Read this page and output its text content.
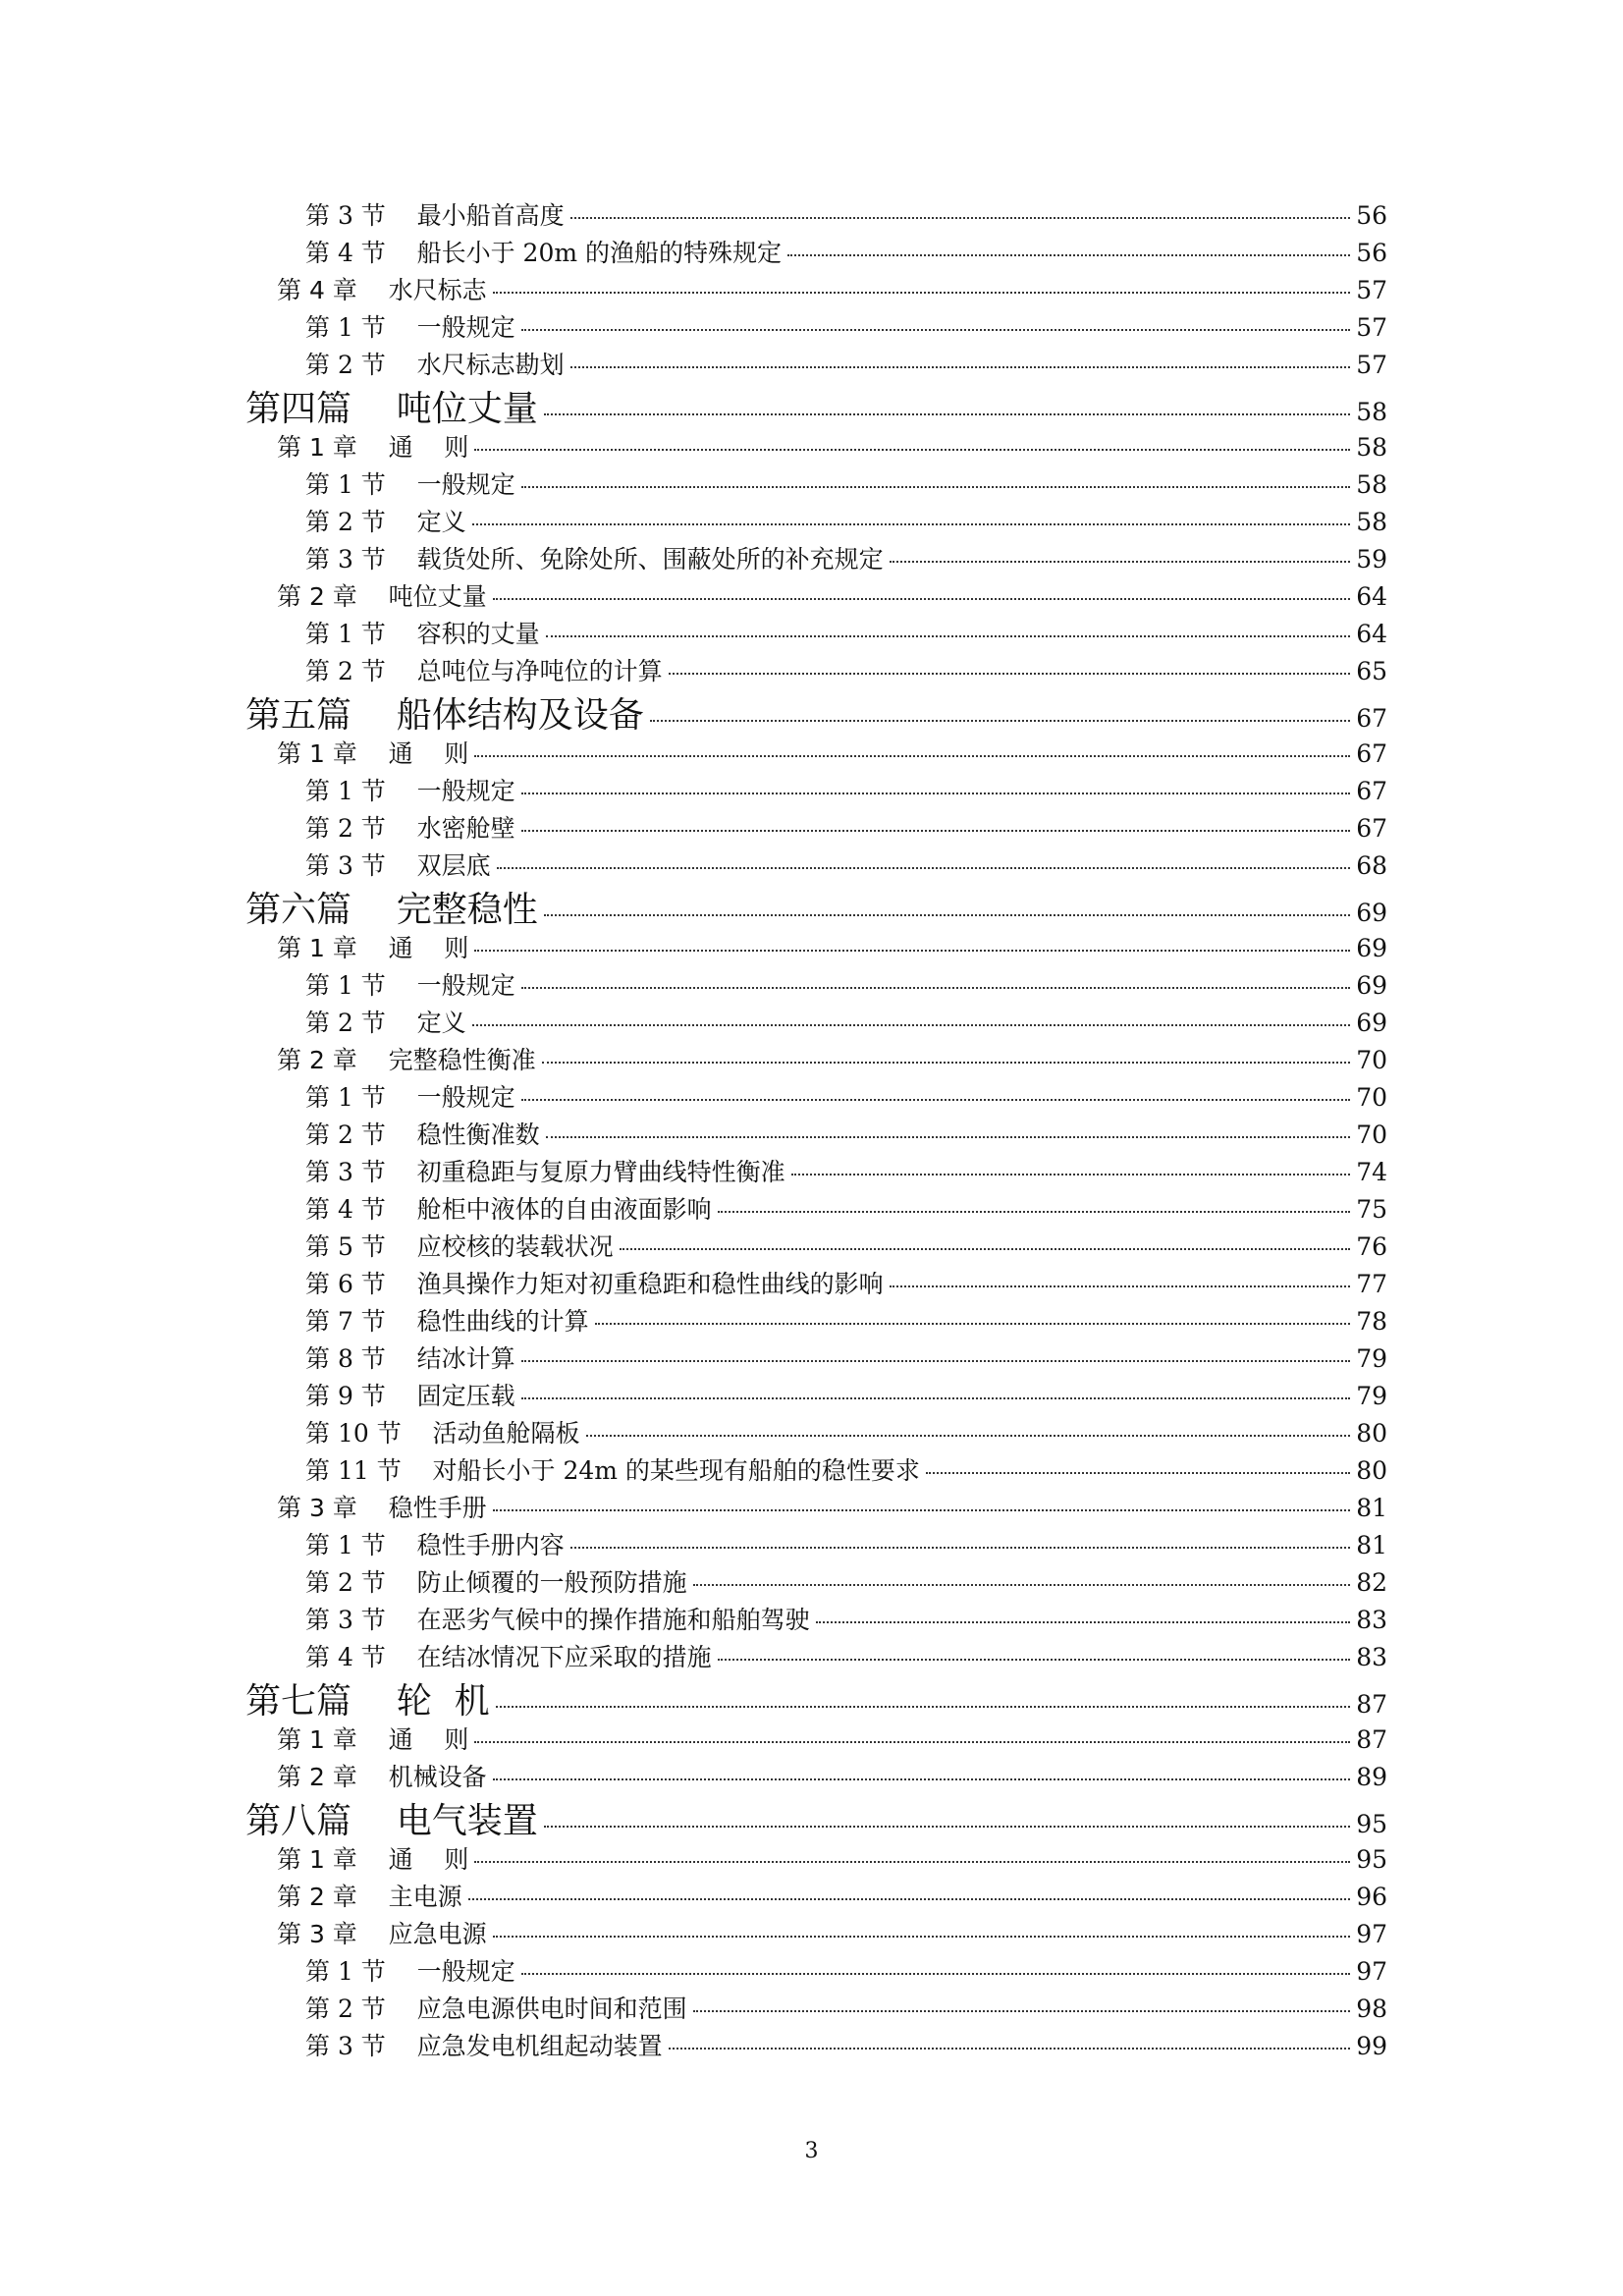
第 3 节    最小船首高度	56
第 4 节    船长小于 20m 的渔船的特殊规定	56
第 4 章    水尺标志	57
第 1 节    一般规定	57
第 2 节    水尺标志勘划	57
第四篇    吨位丈量	58
第 1 章    通    则	58
第 1 节    一般规定	58
第 2 节    定义	58
第 3 节    载货处所、免除处所、围蔽处所的补充规定	59
第 2 章    吨位丈量	64
第 1 节    容积的丈量	64
第 2 节    总吨位与净吨位的计算	65
第五篇    船体结构及设备	67
第 1 章    通    则	67
第 1 节    一般规定	67
第 2 节    水密舱壁	67
第 3 节    双层底	68
第六篇    完整稳性	69
第 1 章    通    则	69
第 1 节    一般规定	69
第 2 节    定义	69
第 2 章    完整稳性衡准	70
第 1 节    一般规定	70
第 2 节    稳性衡准数	70
第 3 节    初重稳距与复原力臂曲线特性衡准	74
第 4 节    舱柜中液体的自由液面影响	75
第 5 节    应校核的装载状况	76
第 6 节    渔具操作力矩对初重稳距和稳性曲线的影响	77
第 7 节    稳性曲线的计算	78
第 8 节    结冰计算	79
第 9 节    固定压载	79
第 10 节    活动鱼舱隔板	80
第 11 节    对船长小于 24m 的某些现有船舶的稳性要求	80
第 3 章    稳性手册	81
第 1 节    稳性手册内容	81
第 2 节    防止倾覆的一般预防措施	82
第 3 节    在恶劣气候中的操作措施和船舶驾驶	83
第 4 节    在结冰情况下应采取的措施	83
第七篇    轮  机	87
第 1 章    通    则	87
第 2 章    机械设备	89
第八篇    电气装置	95
第 1 章    通    则	95
第 2 章    主电源	96
第 3 章    应急电源	97
第 1 节    一般规定	97
第 2 节    应急电源供电时间和范围	98
第 3 节    应急发电机组起动装置	99
3
